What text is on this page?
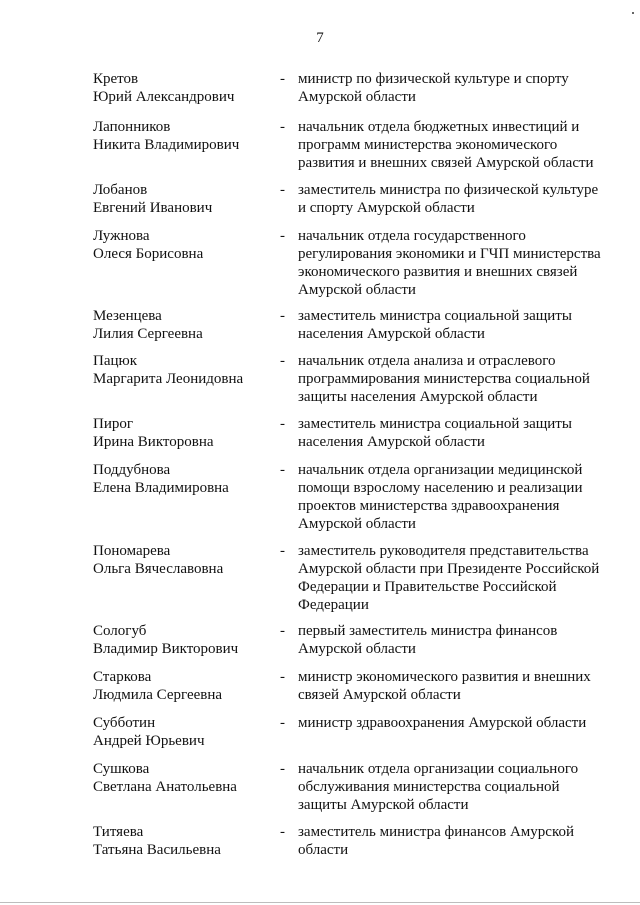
7
Кретов
Юрий Александрович
- министр по физической культуре и спорту
Амурской области
Лапонников
Никита Владимирович
- начальник отдела бюджетных инвестиций и
программ министерства экономического
развития и внешних связей Амурской области
Лобанов
Евгений Иванович
- заместитель министра по физической культуре
и спорту Амурской области
Лужнова
Олеся Борисовна
- начальник отдела государственного
регулирования экономики и ГЧП министерства
экономического развития и внешних связей
Амурской области
Мезенцева
Лилия Сергеевна
- заместитель министра социальной защиты
населения Амурской области
Пацюк
Маргарита Леонидовна
- начальник отдела анализа и отраслевого
программирования министерства социальной
защиты населения Амурской области
Пирог
Ирина Викторовна
- заместитель министра социальной защиты
населения Амурской области
Поддубнова
Елена Владимировна
- начальник отдела организации медицинской
помощи взрослому населению и реализации
проектов министерства здравоохранения
Амурской области
Пономарева
Ольга Вячеславовна
- заместитель руководителя представительства
Амурской области при Президенте Российской
Федерации и Правительстве Российской
Федерации
Сологуб
Владимир Викторович
- первый заместитель министра финансов
Амурской области
Старкова
Людмила Сергеевна
- министр экономического развития и внешних
связей Амурской области
Субботин
Андрей Юрьевич
- министр здравоохранения Амурской области
Сушкова
Светлана Анатольевна
- начальник отдела организации социального
обслуживания министерства социальной
защиты Амурской области
Титяева
Татьяна Васильевна
- заместитель министра финансов Амурской
области
